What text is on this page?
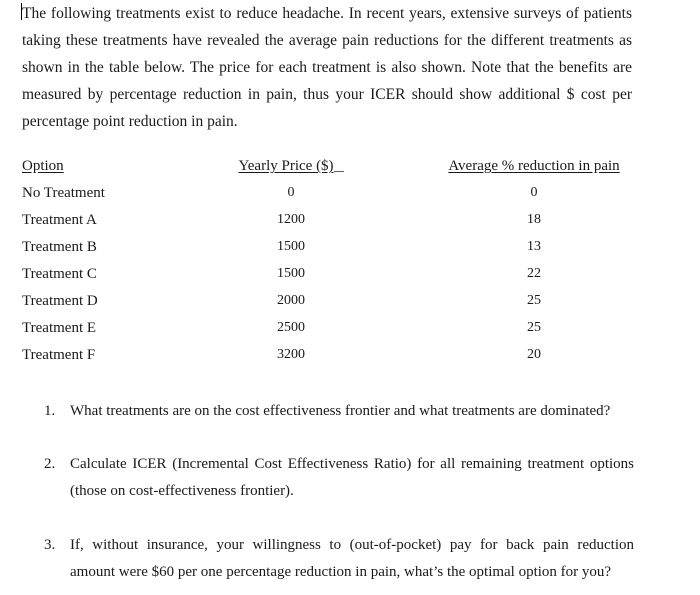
The following treatments exist to reduce headache. In recent years, extensive surveys of patients
taking these treatments have revealed the average pain reductions for the different treatments as
shown in the table below. The price for each treatment is also shown. Note that the benefits are
measured by percentage reduction in pain, thus your ICER should show additional $ cost per
percentage point reduction in pain.
Option	Yearly Price ($)	Average % reduction in pain
No Treatment	0	0
Treatment A	1200	18
Treatment B	1500	13
Treatment C	1500	22
Treatment D	2000	25
Treatment E	2500	25
Treatment F	3200	20
1. What treatments are on the cost effectiveness frontier and what treatments are dominated?
2. Calculate ICER (Incremental Cost Effectiveness Ratio) for all remaining treatment options
(those on cost-effectiveness frontier).
3. If, without insurance, your willingness to (out-of-pocket) pay for back pain reduction
amount were $60 per one percentage reduction in pain, what’s the optimal option for you?
